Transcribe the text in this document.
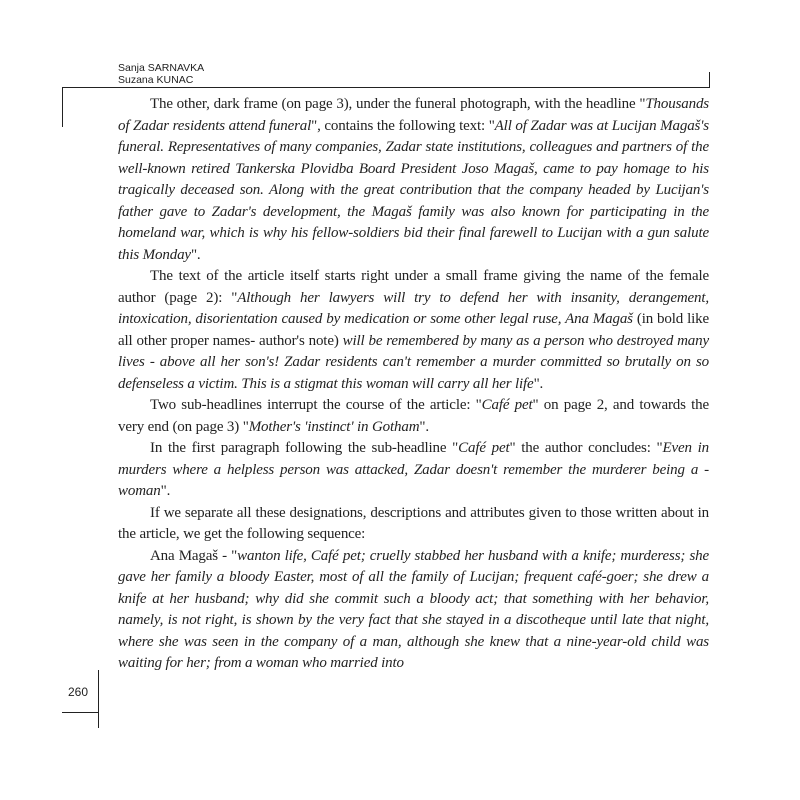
Sanja SARNAVKA
Suzana KUNAC

The other, dark frame (on page 3), under the funeral photograph, with the headline "Thousands of Zadar residents attend funeral", contains the following text: "All of Zadar was at Lucijan Magaš's funeral. Representatives of many companies, Zadar state institutions, colleagues and partners of the well-known retired Tankerska Plovidba Board President Joso Magaš, came to pay homage to his tragically deceased son. Along with the great contribution that the company headed by Lucijan's father gave to Zadar's development, the Magaš family was also known for participating in the homeland war, which is why his fellow-soldiers bid their final farewell to Lucijan with a gun salute this Monday".

The text of the article itself starts right under a small frame giving the name of the female author (page 2): "Although her lawyers will try to defend her with insanity, derangement, intoxication, disorientation caused by medication or some other legal ruse, Ana Magaš (in bold like all other proper names- author's note) will be remembered by many as a person who destroyed many lives - above all her son's! Zadar residents can't remember a murder committed so brutally on so defenseless a victim. This is a stigmat this woman will carry all her life".

Two sub-headlines interrupt the course of the article: "Café pet" on page 2, and towards the very end (on page 3) "Mother's 'instinct' in Gotham".

In the first paragraph following the sub-headline "Café pet" the author concludes: "Even in murders where a helpless person was attacked, Zadar doesn't remember the murderer being a - woman".

If we separate all these designations, descriptions and attributes given to those written about in the article, we get the following sequence:

Ana Magaš - "wanton life, Café pet; cruelly stabbed her husband with a knife; murderess; she gave her family a bloody Easter, most of all the family of Lucijan; frequent café-goer; she drew a knife at her husband; why did she commit such a bloody act; that something with her behavior, namely, is not right, is shown by the very fact that she stayed in a discotheque until late that night, where she was seen in the company of a man, although she knew that a nine-year-old child was waiting for her; from a woman who married into

260
